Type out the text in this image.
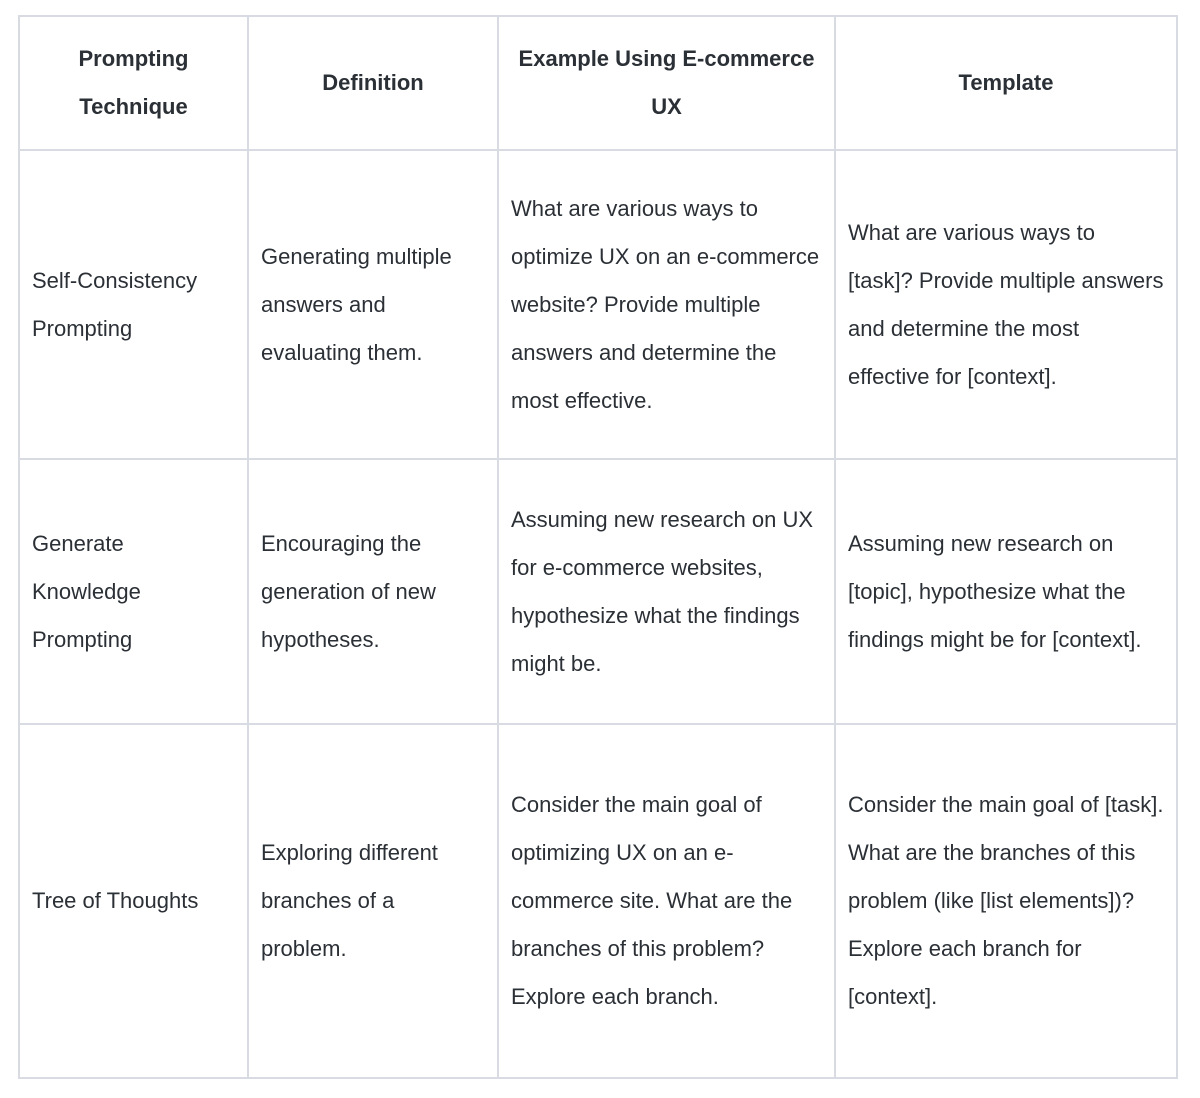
Prompting Technique	Definition	Example Using E-commerce UX	Template
Self-Consistency Prompting	Generating multiple answers and evaluating them.	What are various ways to optimize UX on an e-commerce website? Provide multiple answers and determine the most effective.	What are various ways to [task]? Provide multiple answers and determine the most effective for [context].
Generate Knowledge Prompting	Encouraging the generation of new hypotheses.	Assuming new research on UX for e-commerce websites, hypothesize what the findings might be.	Assuming new research on [topic], hypothesize what the findings might be for [context].
Tree of Thoughts	Exploring different branches of a problem.	Consider the main goal of optimizing UX on an e-commerce site. What are the branches of this problem? Explore each branch.	Consider the main goal of [task]. What are the branches of this problem (like [list elements])? Explore each branch for [context].
